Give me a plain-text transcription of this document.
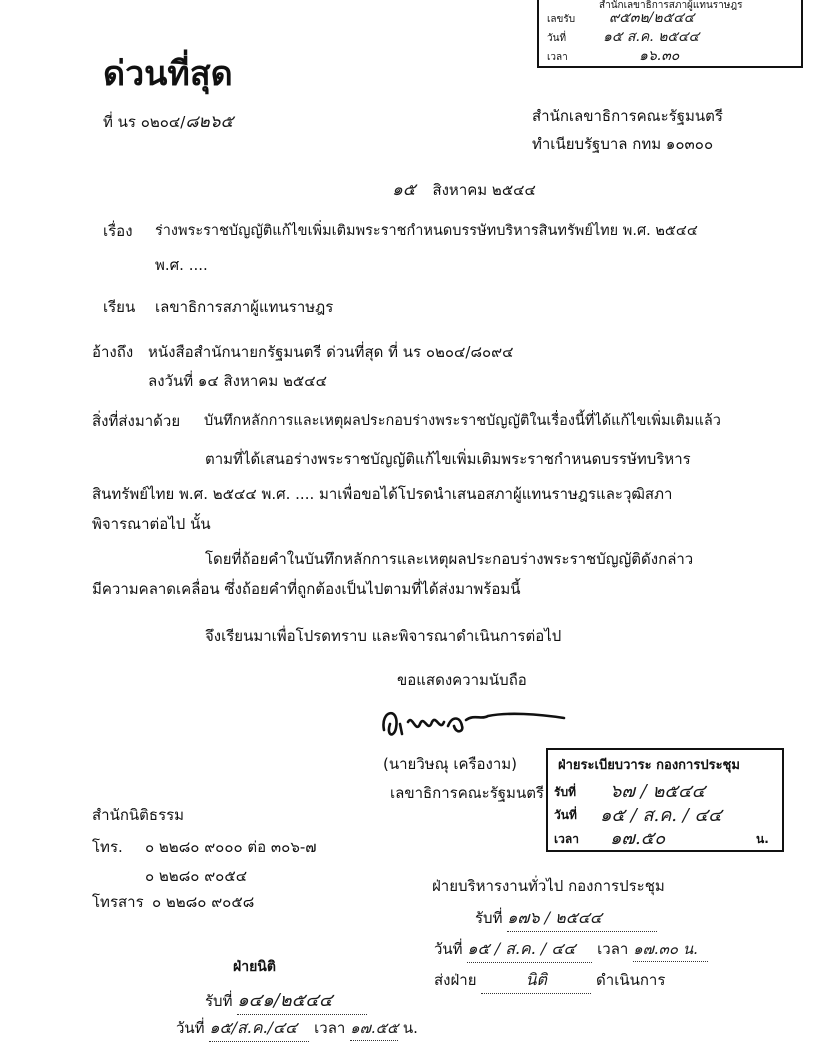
สำนักเลขาธิการสภาผู้แทนราษฎร
เลขรับ ๙๕๓๒/๒๕๔๔
วันที่	๑๕ ส.ค. ๒๕๔๔
เวลา	๑๖.๓๐
ด่วนที่สุด
ที่ นร ๐๒๐๔/๘๒๖๕	สำนักเลขาธิการคณะรัฐมนตรี
ทำเนียบรัฐบาล กทม ๑๐๓๐๐
๑๕ สิงหาคม ๒๕๔๔
เรื่อง ร่างพระราชบัญญัติแก้ไขเพิ่มเติมพระราชกำหนดบรรษัทบริหารสินทรัพย์ไทย พ.ศ. ๒๕๔๔
พ.ศ. ....
เรียน เลขาธิการสภาผู้แทนราษฎร
อ้างถึง หนังสือสำนักนายกรัฐมนตรี ด่วนที่สุด ที่ นร ๐๒๐๔/๘๐๙๔
ลงวันที่ ๑๔ สิงหาคม ๒๕๔๔
สิ่งที่ส่งมาด้วย บันทึกหลักการและเหตุผลประกอบร่างพระราชบัญญัติในเรื่องนี้ที่ได้แก้ไขเพิ่มเติมแล้ว
ตามที่ได้เสนอร่างพระราชบัญญัติแก้ไขเพิ่มเติมพระราชกำหนดบรรษัทบริหาร
สินทรัพย์ไทย พ.ศ. ๒๕๔๔ พ.ศ. .... มาเพื่อขอได้โปรดนำเสนอสภาผู้แทนราษฎรและวุฒิสภา
พิจารณาต่อไป นั้น
โดยที่ถ้อยคำในบันทึกหลักการและเหตุผลประกอบร่างพระราชบัญญัติดังกล่าว
มีความคลาดเคลื่อน ซึ่งถ้อยคำที่ถูกต้องเป็นไปตามที่ได้ส่งมาพร้อมนี้
จึงเรียนมาเพื่อโปรดทราบ และพิจารณาดำเนินการต่อไป
ขอแสดงความนับถือ
(นายวิษณุ เครืองาม)
เลขาธิการคณะรัฐมนตรี
ฝ่ายระเบียบวาระ กองการประชุม
รับที่ ๖๗ / ๒๕๔๔
วันที่ ๑๕ / ส.ค. / ๔๔
เวลา ๑๗.๕๐	น.
สำนักนิติธรรม
โทร. ๐ ๒๒๘๐ ๙๐๐๐ ต่อ ๓๐๖-๗
๐ ๒๒๘๐ ๙๐๕๔
โทรสาร ๐ ๒๒๘๐ ๙๐๕๘
ฝ่ายบริหารงานทั่วไป กองการประชุม
รับที่ ๑๗๖ / ๒๕๔๔
วันที่ ๑๕ / ส.ค. / ๔๔ เวลา ๑๗.๓๐ น.
ส่งฝ่าย	นิติ	ดำเนินการ
ฝ่ายนิติ
รับที่ ๑๔๑/๒๕๔๔
วันที่ ๑๕/ส.ค./๔๔ เวลา ๑๗.๕๕ น.
